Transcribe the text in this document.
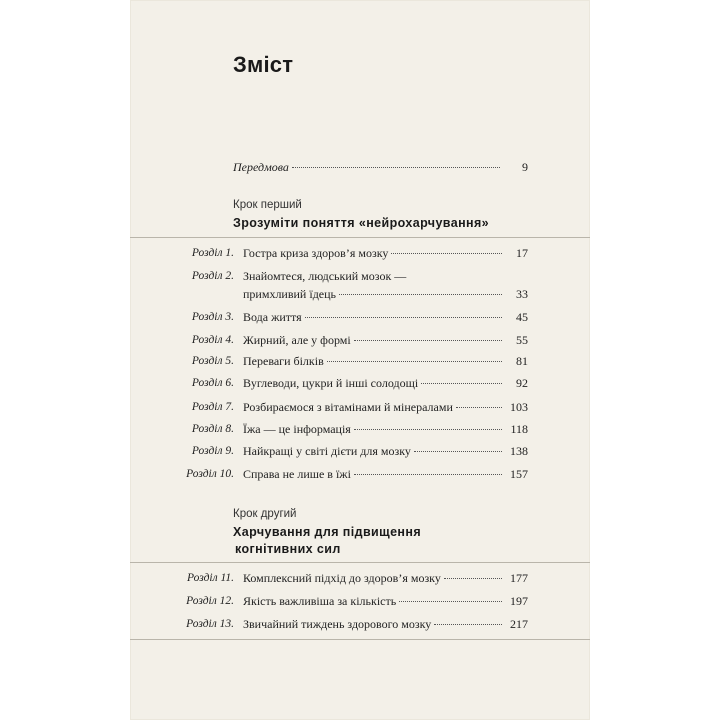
Зміст
Передмова	9
Крок перший
Зрозуміти поняття «нейрохарчування»
Розділ 1. Гостра криза здоров’я мозку	17
Розділ 2. Знайомтеся, людський мозок —
примхливий їдець	33
Розділ 3. Вода життя	45
Розділ 4. Жирний, але у формі	55
Розділ 5. Переваги білків	81
Розділ 6. Вуглеводи, цукри й інші солодощі	92
Розділ 7. Розбираємося з вітамінами й мінералами	103
Розділ 8. Їжа — це інформація	118
Розділ 9. Найкращі у світі дієти для мозку	138
Розділ 10. Справа не лише в їжі	157
Крок другий
Харчування для підвищення
когнітивних сил
Розділ 11. Комплексний підхід до здоров’я мозку	177
Розділ 12. Якість важливіша за кількість	197
Розділ 13. Звичайний тиждень здорового мозку	217
